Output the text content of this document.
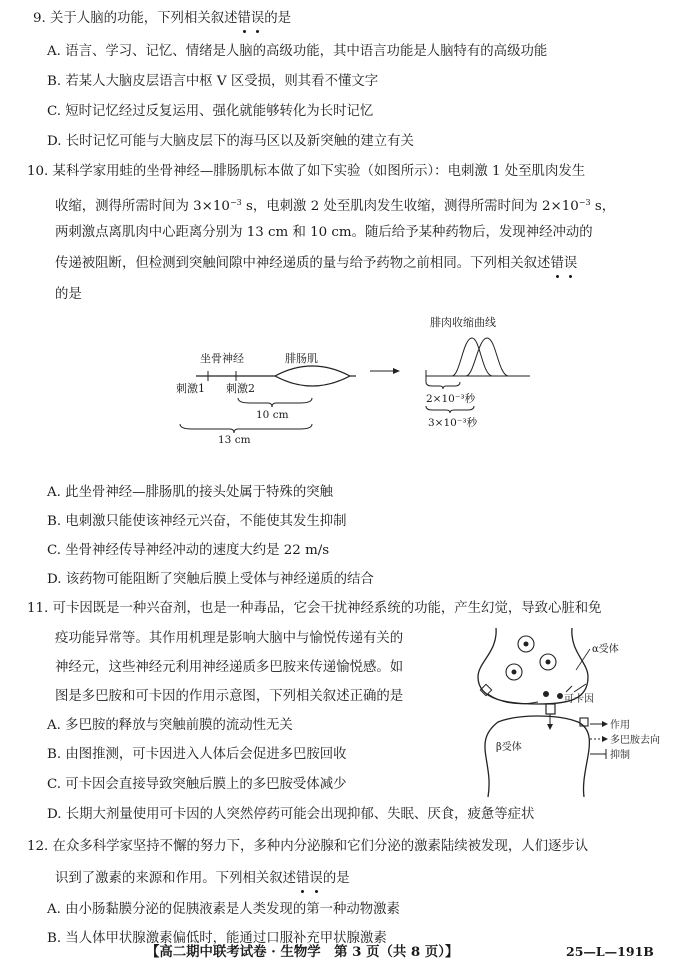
9. 关于人脑的功能，下列相关叙述错误的是
A. 语言、学习、记忆、情绪是人脑的高级功能，其中语言功能是人脑特有的高级功能
B. 若某人大脑皮层语言中枢 V 区受损，则其看不懂文字
C. 短时记忆经过反复运用、强化就能够转化为长时记忆
D. 长时记忆可能与大脑皮层下的海马区以及新突触的建立有关
10. 某科学家用蛙的坐骨神经—腓肠肌标本做了如下实验（如图所示）：电刺激 1 处至肌肉发生
收缩，测得所需时间为 $3\times 10^{-3}$ s，电刺激 2 处至肌肉发生收缩，测得所需时间为 $2\times 10^{-3}$ s，
两刺激点离肌肉中心距离分别为 13 cm 和 10 cm。随后给予某种药物后，发现神经冲动的
传递被阻断，但检测到突触间隙中神经递质的量与给予药物之前相同。下列相关叙述错误
的是
坐骨神经	腓肠肌
刺激1 刺激2
10 cm
13 cm
腓肉收缩曲线
2×10⁻³秒
3×10⁻³秒
A. 此坐骨神经—腓肠肌的接头处属于特殊的突触
B. 电刺激只能使该神经元兴奋，不能使其发生抑制
C. 坐骨神经传导神经冲动的速度大约是 22 m/s
D. 该药物可能阻断了突触后膜上受体与神经递质的结合
11. 可卡因既是一种兴奋剂，也是一种毒品，它会干扰神经系统的功能，产生幻觉，导致心脏和免
疫功能异常等。其作用机理是影响大脑中与愉悦传递有关的
神经元，这些神经元利用神经递质多巴胺来传递愉悦感。如
图是多巴胺和可卡因的作用示意图，下列相关叙述正确的是
A. 多巴胺的释放与突触前膜的流动性无关
B. 由图推测，可卡因进入人体后会促进多巴胺回收
C. 可卡因会直接导致突触后膜上的多巴胺受体减少
D. 长期大剂量使用可卡因的人突然停药可能会出现抑郁、失眠、厌食，疲惫等症状
α受体
可卡因
β受体
作用
多巴胺去向
抑制
12. 在众多科学家坚持不懈的努力下，多种内分泌腺和它们分泌的激素陆续被发现，人们逐步认
识到了激素的来源和作用。下列相关叙述错误的是
A. 由小肠黏膜分泌的促胰液素是人类发现的第一种动物激素
B. 当人体甲状腺激素偏低时，能通过口服补充甲状腺激素
【高二期中联考试卷 · 生物学　第 3 页（共 8 页）】	25—L—191B
